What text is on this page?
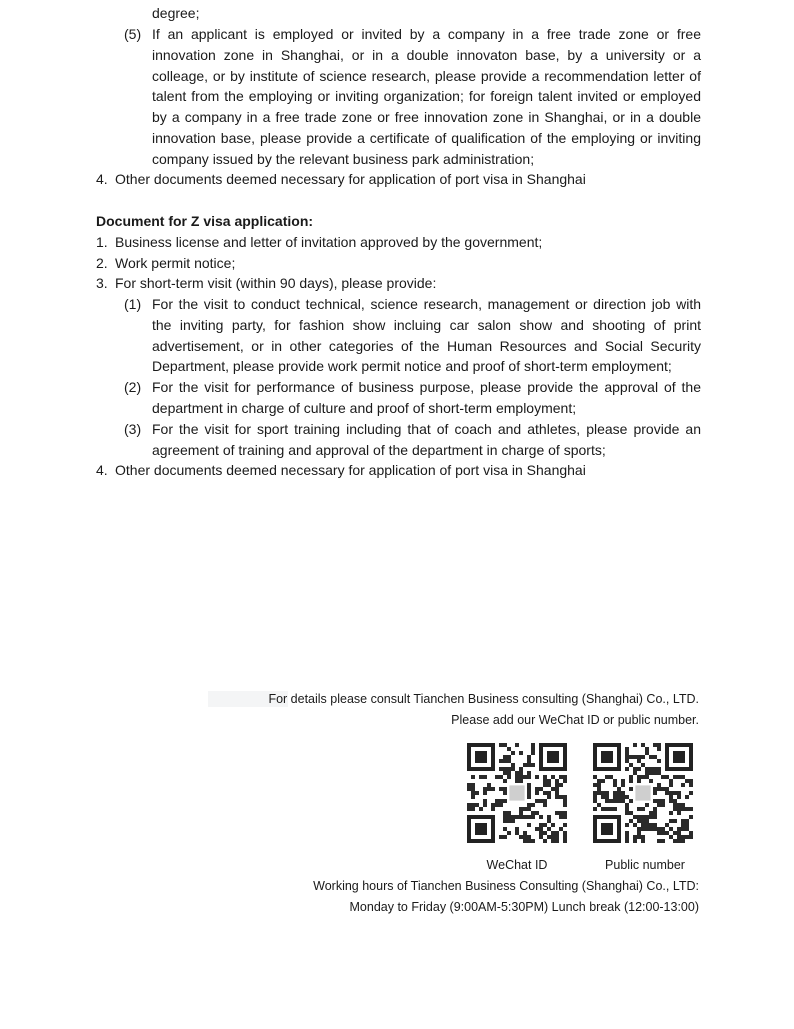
degree;
(5) If an applicant is employed or invited by a company in a free trade zone or free innovation zone in Shanghai, or in a double innovaton base, by a university or a colleage, or by institute of science research, please provide a recommendation letter of talent from the employing or inviting organization; for foreign talent invited or employed by a company in a free trade zone or free innovation zone in Shanghai, or in a double innovation base, please provide a certificate of qualification of the employing or inviting company issued by the relevant business park administration;
4. Other documents deemed necessary for application of port visa in Shanghai
Document for Z visa application:
1. Business license and letter of invitation approved by the government;
2. Work permit notice;
3. For short-term visit (within 90 days), please provide:
(1) For the visit to conduct technical, science research, management or direction job with the inviting party, for fashion show incluing car salon show and shooting of print advertisement, or in other categories of the Human Resources and Social Security Department, please provide work permit notice and proof of short-term employment;
(2) For the visit for performance of business purpose, please provide the approval of the department in charge of culture and proof of short-term employment;
(3) For the visit for sport training including that of coach and athletes, please provide an agreement of training and approval of the department in charge of sports;
4. Other documents deemed necessary for application of port visa in Shanghai
For details please consult Tianchen Business consulting (Shanghai) Co., LTD.
Please add our WeChat ID or public number.
WeChat ID	Public number
Working hours of Tianchen Business Consulting (Shanghai) Co., LTD:
Monday to Friday (9:00AM-5:30PM) Lunch break (12:00-13:00)
